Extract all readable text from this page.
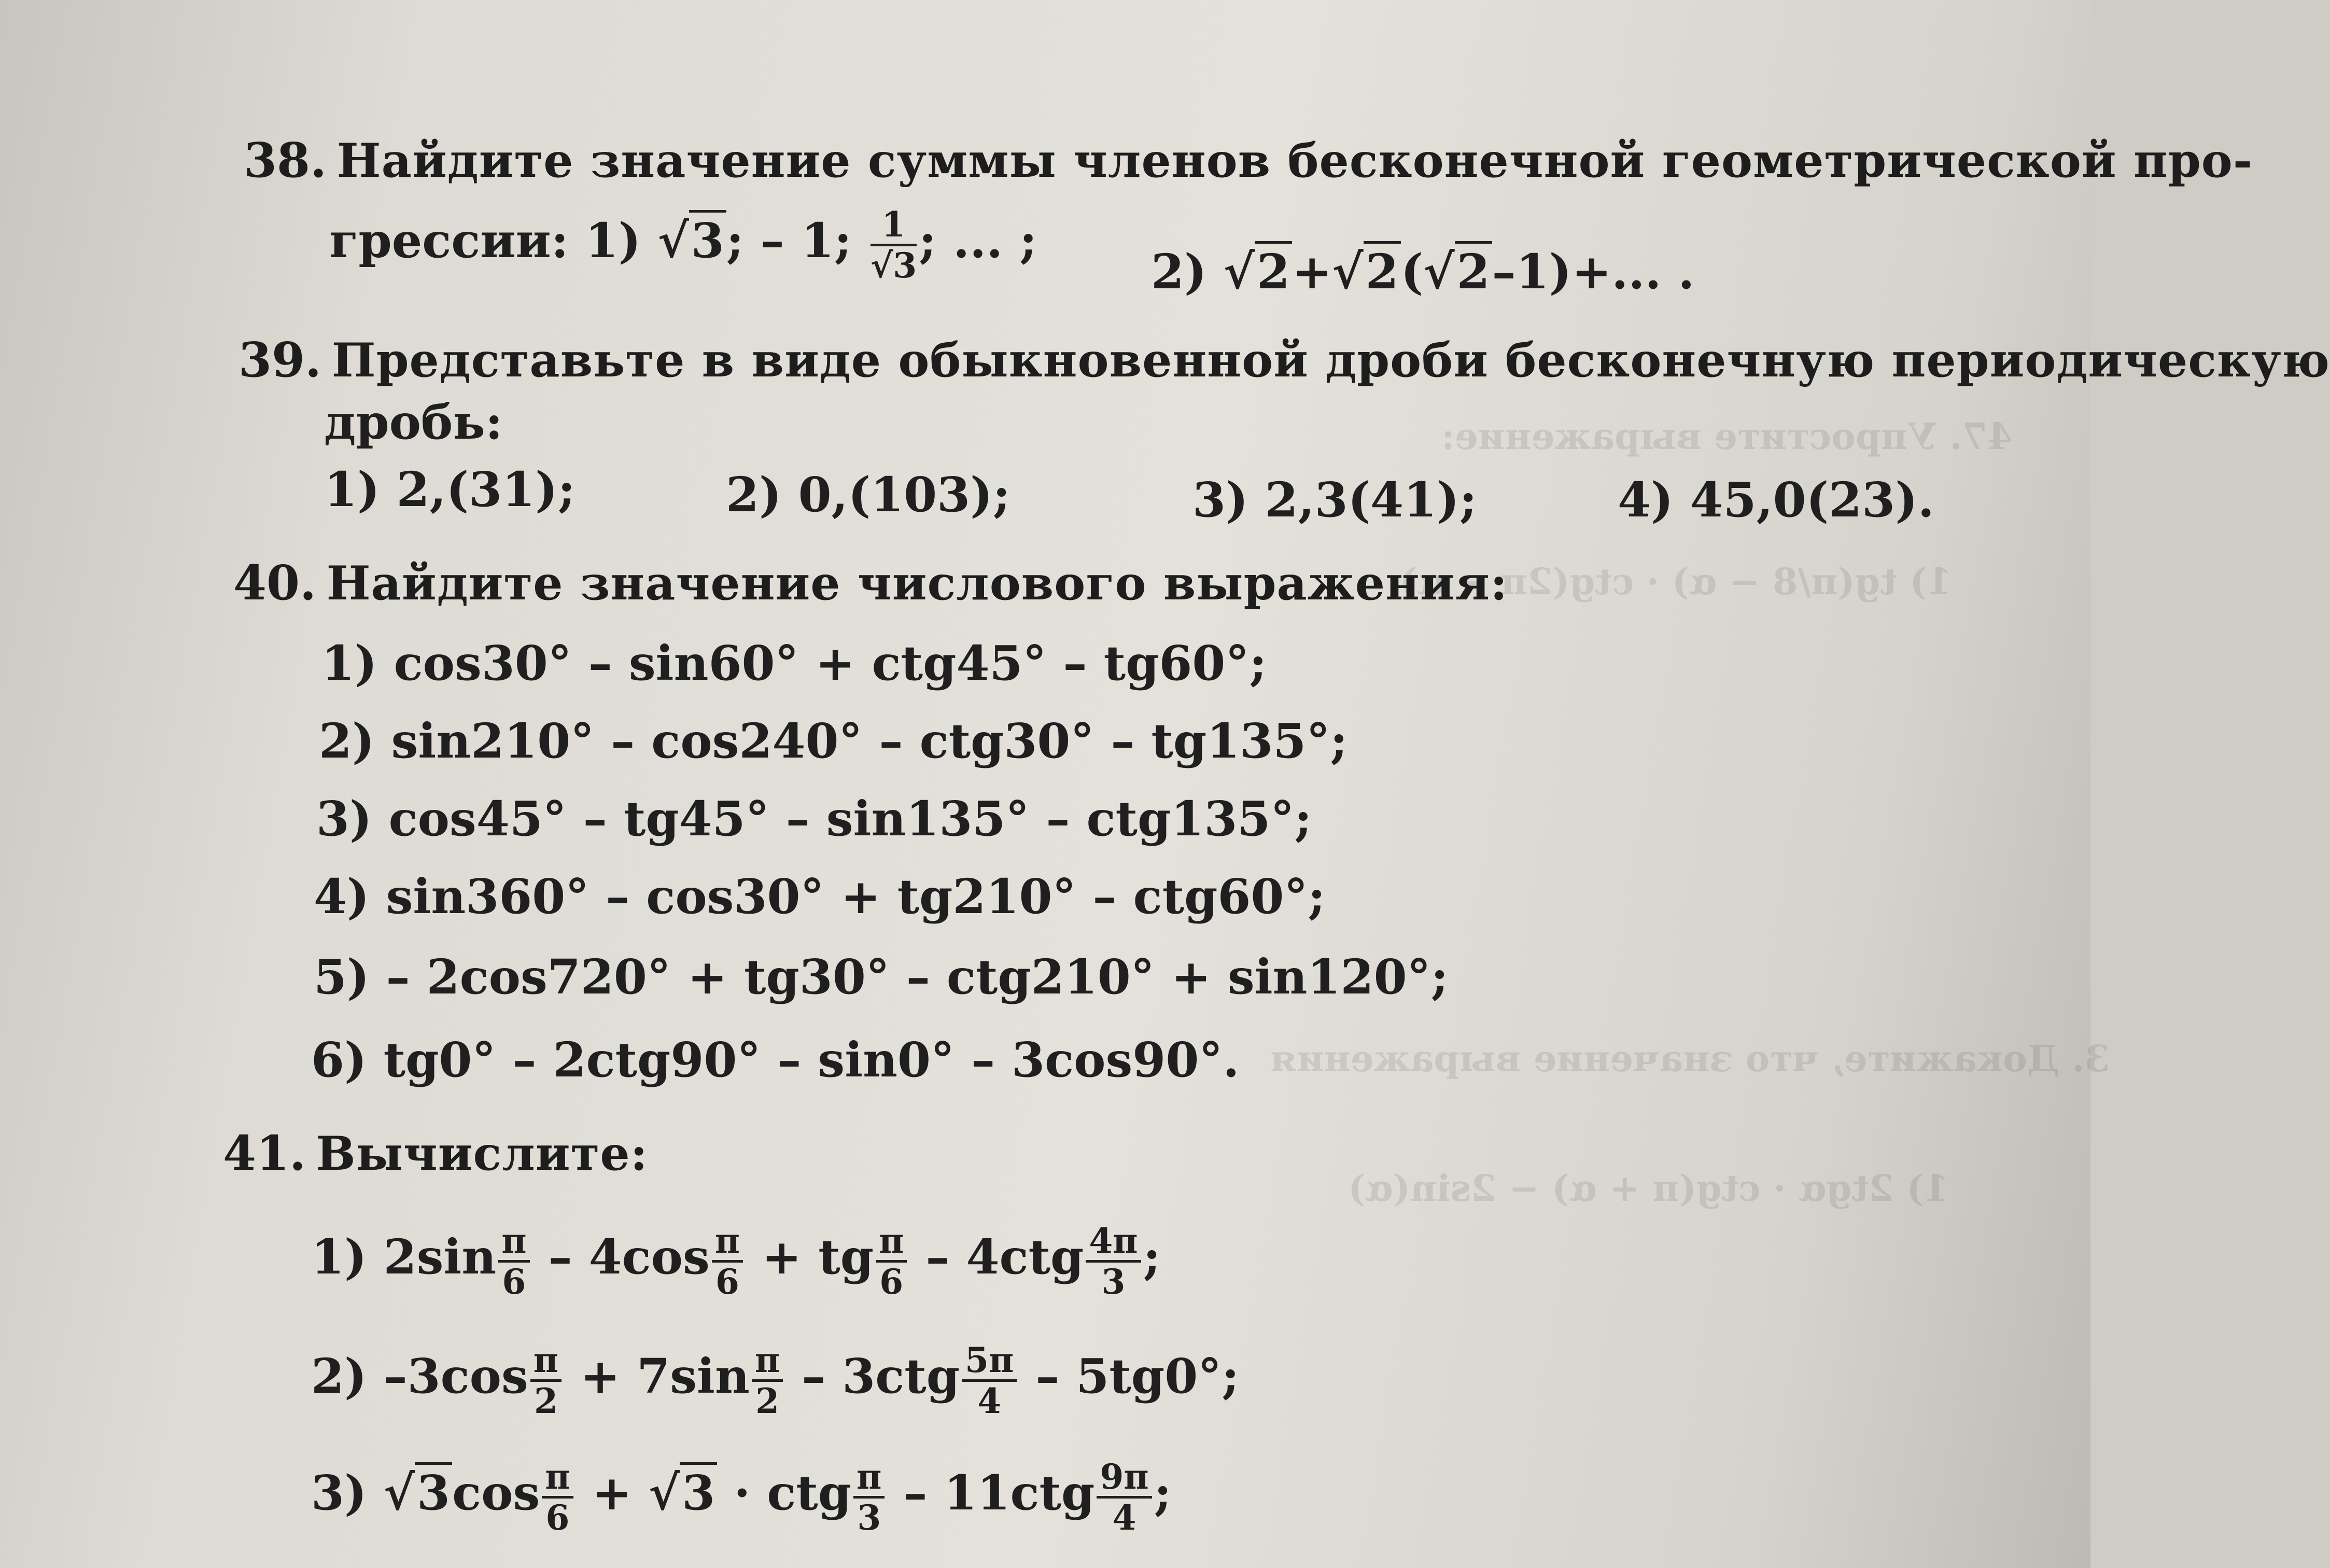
47. Упростите выражение:
1) tg(π/8 − α) · ctg(2π − α)
3. Докажите, что значение выражения
1) 2tgα · ctg(π + α) − 2sin(α)
38. Найдите значение суммы членов бесконечной геометрической про-
грессии: 1) √3; – 1; $\frac{1}{√3}$ ; ... ;
2) √2+√2(√2–1)+... .
39. Представьте в виде обыкновенной дроби бесконечную периодическую
дробь:
1) 2,(31);	2) 0,(103);	3) 2,3(41);	4) 45,0(23).
40. Найдите значение числового выражения:
1) cos30° – sin60° + ctg45° – tg60°;
2) sin210° – cos240° – ctg30° – tg135°;
3) cos45° – tg45° – sin135° – ctg135°;
4) sin360° – cos30° + tg210° – ctg60°;
5) – 2cos720° + tg30° – ctg210° + sin120°;
6) tg0° – 2ctg90° – sin0° – 3cos90°.
41. Вычислите:
1) $2\sin \frac{\pi}{6} - 4\cos \frac{\pi}{6}$ + tg $\frac{\pi}{6} - 4ctg \frac{4\pi}{3}$ ;
2) $-3\cos \frac{\pi}{2} + 7\sin \frac{\pi}{2} - 3ctg \frac{5\pi}{4} - 5tg0^\circ$;
3) $√3\cos \frac{\pi}{6} + √3$ · ctg $\frac{\pi}{3} - 11ctg \frac{9\pi}{4}$ ;
